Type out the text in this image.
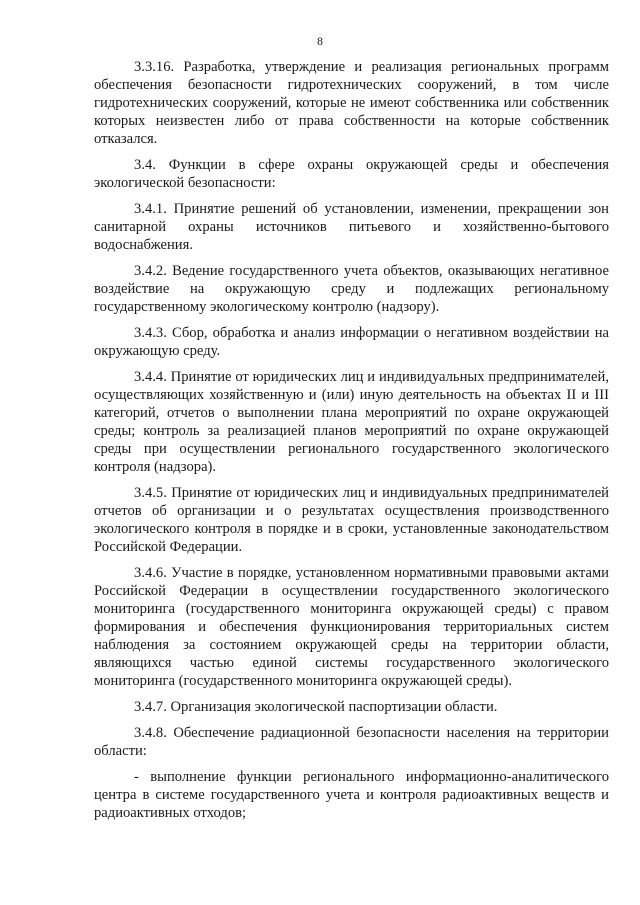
8

3.3.16. Разработка, утверждение и реализация региональных программ обеспечения безопасности гидротехнических сооружений, в том числе гидротехнических сооружений, которые не имеют собственника или собственник которых неизвестен либо от права собственности на которые собственник отказался.

3.4. Функции в сфере охраны окружающей среды и обеспечения экологической безопасности:

3.4.1. Принятие решений об установлении, изменении, прекращении зон санитарной охраны источников питьевого и хозяйственно-бытового водоснабжения.

3.4.2. Ведение государственного учета объектов, оказывающих негативное воздействие на окружающую среду и подлежащих региональному государственному экологическому контролю (надзору).

3.4.3. Сбор, обработка и анализ информации о негативном воздействии на окружающую среду.

3.4.4. Принятие от юридических лиц и индивидуальных предпринимателей, осуществляющих хозяйственную и (или) иную деятельность на объектах II и III категорий, отчетов о выполнении плана мероприятий по охране окружающей среды; контроль за реализацией планов мероприятий по охране окружающей среды при осуществлении регионального государственного экологического контроля (надзора).

3.4.5. Принятие от юридических лиц и индивидуальных предпринимателей отчетов об организации и о результатах осуществления производственного экологического контроля в порядке и в сроки, установленные законодательством Российской Федерации.

3.4.6. Участие в порядке, установленном нормативными правовыми актами Российской Федерации в осуществлении государственного экологического мониторинга (государственного мониторинга окружающей среды) с правом формирования и обеспечения функционирования территориальных систем наблюдения за состоянием окружающей среды на территории области, являющихся частью единой системы государственного экологического мониторинга (государственного мониторинга окружающей среды).

3.4.7. Организация экологической паспортизации области.

3.4.8. Обеспечение радиационной безопасности населения на территории области:

- выполнение функции регионального информационно-аналитического центра в системе государственного учета и контроля радиоактивных веществ и радиоактивных отходов;
